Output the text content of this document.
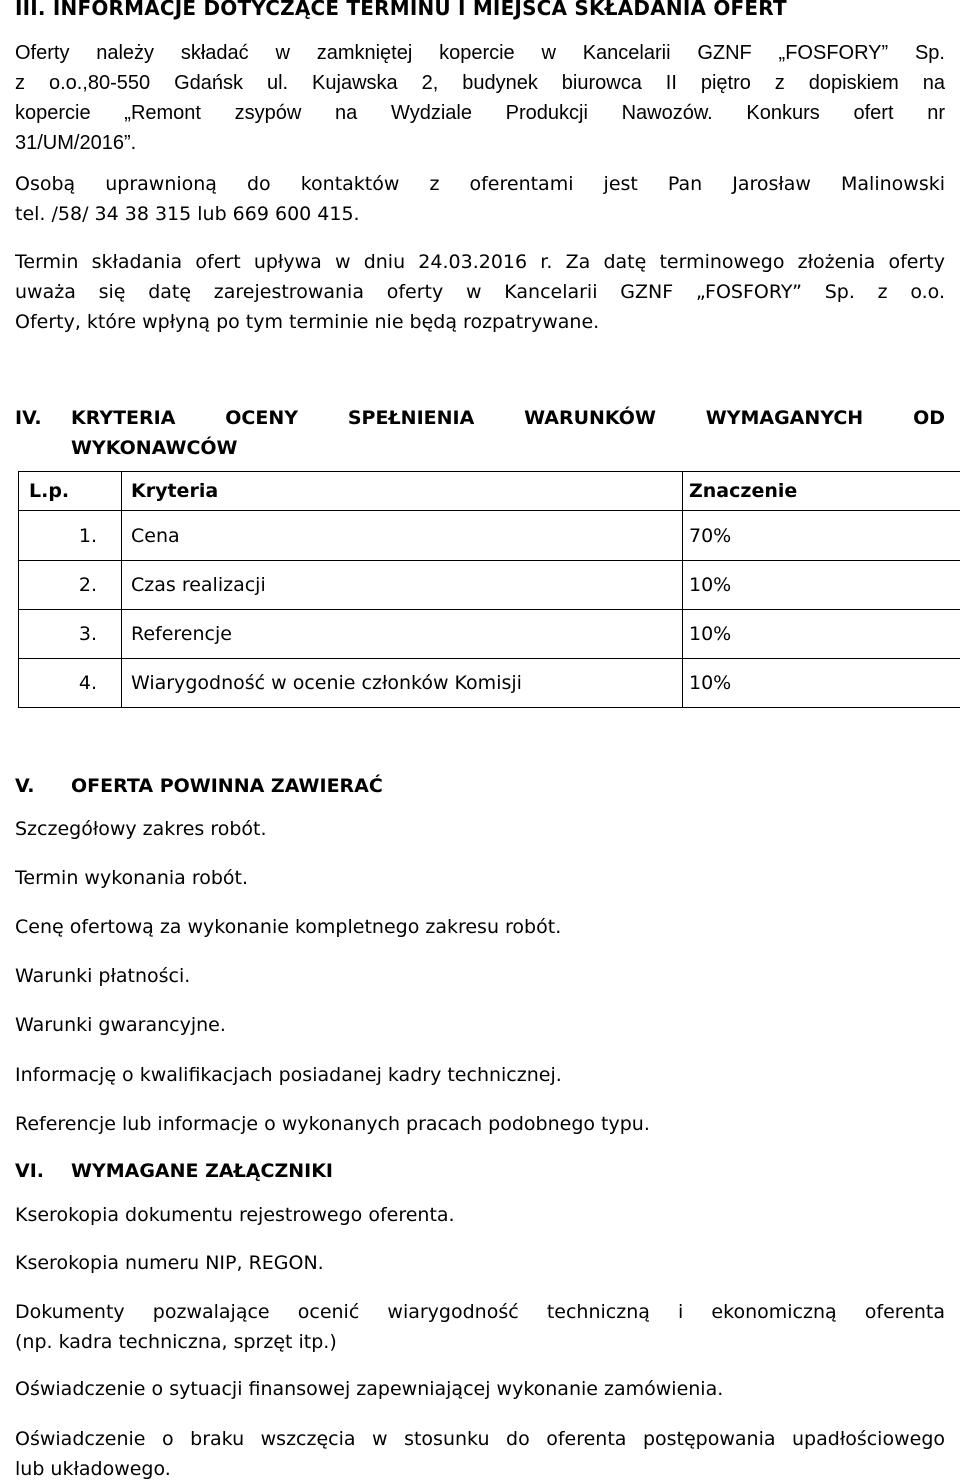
III. INFORMACJE DOTYCZĄCE TERMINU I MIEJSCA SKŁADANIA OFERT
Oferty należy składać w zamkniętej kopercie w Kancelarii GZNF „FOSFORY” Sp.
z o.o.,80-550 Gdańsk ul. Kujawska 2, budynek biurowca II piętro z dopiskiem na
kopercie „Remont zsypów na Wydziale Produkcji Nawozów. Konkurs ofert nr
31/UM/2016”.
Osobą uprawnioną do kontaktów z oferentami jest Pan Jarosław Malinowski
tel. /58/ 34 38 315 lub 669 600 415.
Termin składania ofert upływa w dniu 24.03.2016 r. Za datę terminowego złożenia oferty
uważa się datę zarejestrowania oferty w Kancelarii GZNF „FOSFORY” Sp. z o.o.
Oferty, które wpłyną po tym terminie nie będą rozpatrywane.
IV. KRYTERIA OCENY SPEŁNIENIA WARUNKÓW WYMAGANYCH OD
WYKONAWCÓW
L.p.	Kryteria	Znaczenie
1.	Cena	70%
2.	Czas realizacji	10%
3.	Referencje	10%
4.	Wiarygodność w ocenie członków Komisji	10%
V. OFERTA POWINNA ZAWIERAĆ
Szczegółowy zakres robót.
Termin wykonania robót.
Cenę ofertową za wykonanie kompletnego zakresu robót.
Warunki płatności.
Warunki gwarancyjne.
Informację o kwalifikacjach posiadanej kadry technicznej.
Referencje lub informacje o wykonanych pracach podobnego typu.
VI. WYMAGANE ZAŁĄCZNIKI
Kserokopia dokumentu rejestrowego oferenta.
Kserokopia numeru NIP, REGON.
Dokumenty pozwalające ocenić wiarygodność techniczną i ekonomiczną oferenta
(np. kadra techniczna, sprzęt itp.)
Oświadczenie o sytuacji finansowej zapewniającej wykonanie zamówienia.
Oświadczenie o braku wszczęcia w stosunku do oferenta postępowania upadłościowego
lub układowego.
